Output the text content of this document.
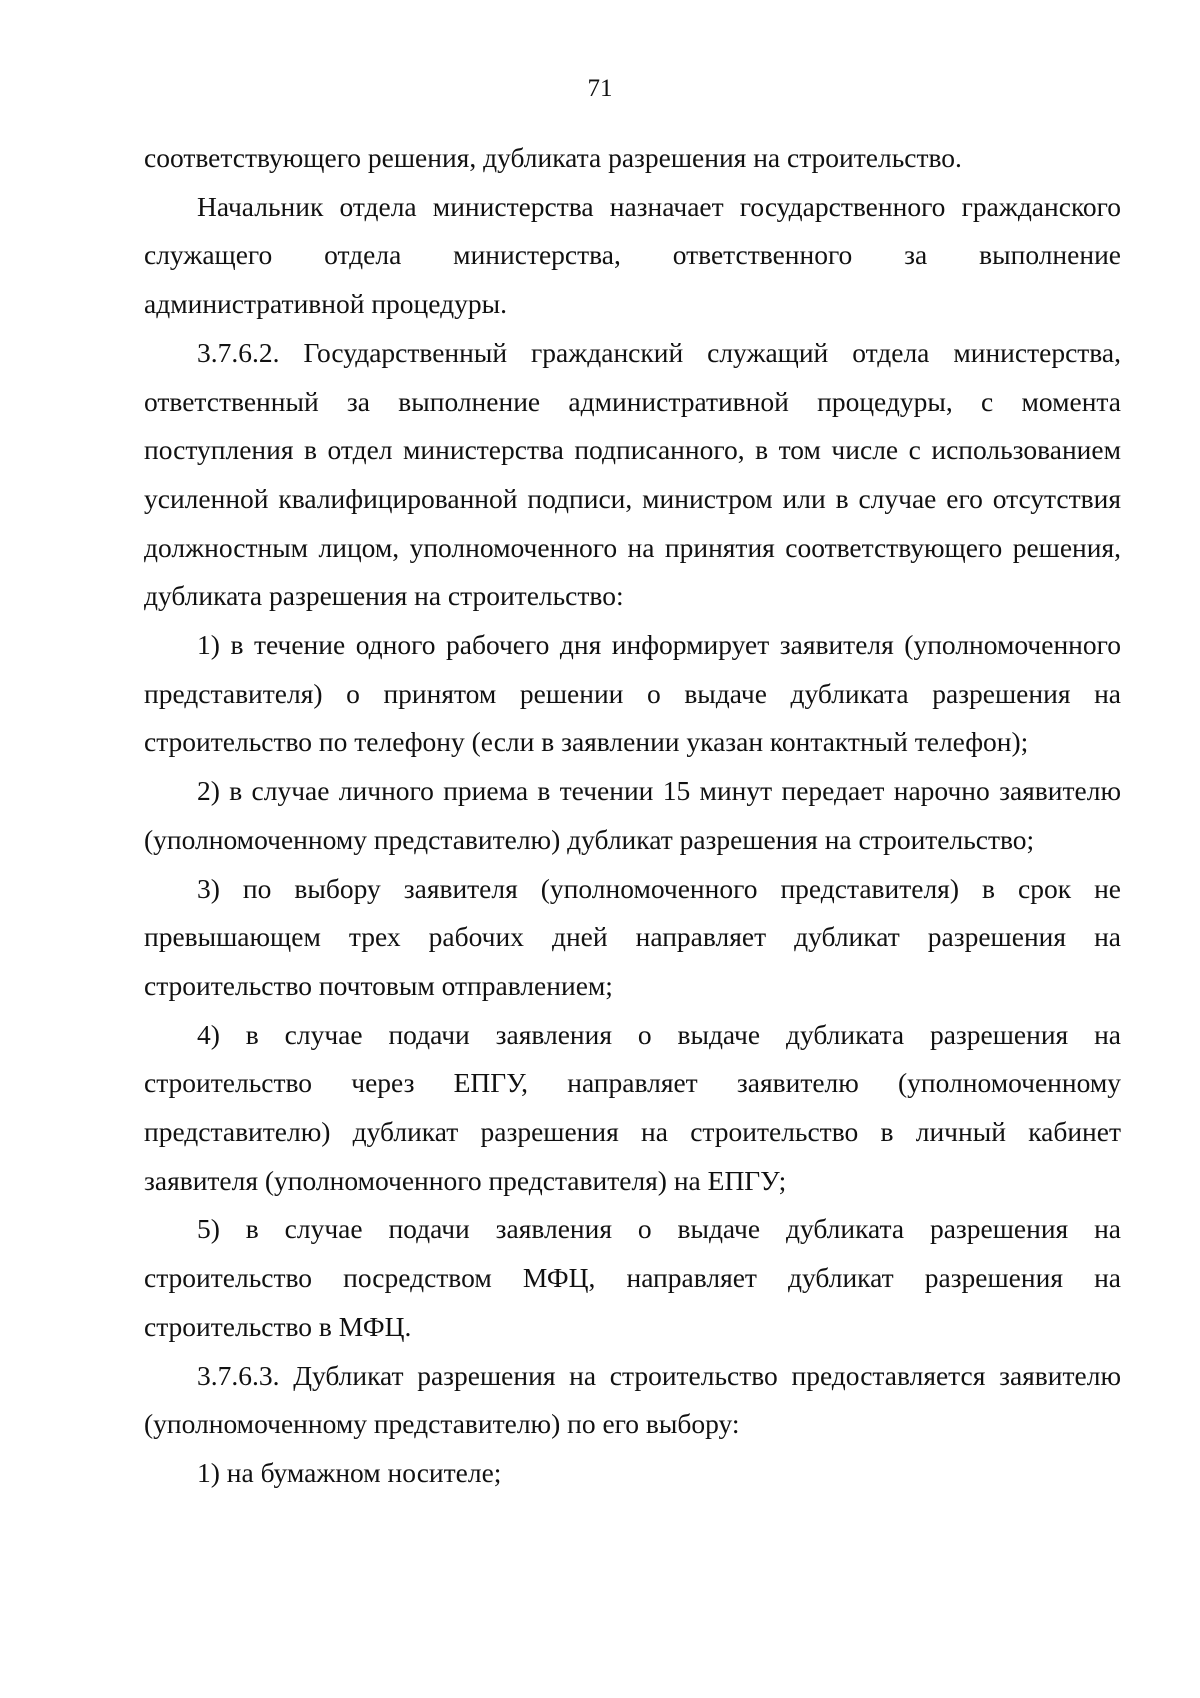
71

соответствующего решения, дубликата разрешения на строительство.

Начальник отдела министерства назначает государственного гражданского служащего отдела министерства, ответственного за выполнение административной процедуры.

3.7.6.2. Государственный гражданский служащий отдела министерства, ответственный за выполнение административной процедуры, с момента поступления в отдел министерства подписанного, в том числе с использованием усиленной квалифицированной подписи, министром или в случае его отсутствия должностным лицом, уполномоченного на принятия соответствующего решения, дубликата разрешения на строительство:

1) в течение одного рабочего дня информирует заявителя (уполномоченного представителя) о принятом решении о выдаче дубликата разрешения на строительство по телефону (если в заявлении указан контактный телефон);

2) в случае личного приема в течении 15 минут передает нарочно заявителю (уполномоченному представителю) дубликат разрешения на строительство;

3) по выбору заявителя (уполномоченного представителя) в срок не превышающем трех рабочих дней направляет дубликат разрешения на строительство почтовым отправлением;

4) в случае подачи заявления о выдаче дубликата разрешения на строительство через ЕПГУ, направляет заявителю (уполномоченному представителю) дубликат разрешения на строительство в личный кабинет заявителя (уполномоченного представителя) на ЕПГУ;

5) в случае подачи заявления о выдаче дубликата разрешения на строительство посредством МФЦ, направляет дубликат разрешения на строительство в МФЦ.

3.7.6.3. Дубликат разрешения на строительство предоставляется заявителю (уполномоченному представителю) по его выбору:

1) на бумажном носителе;
